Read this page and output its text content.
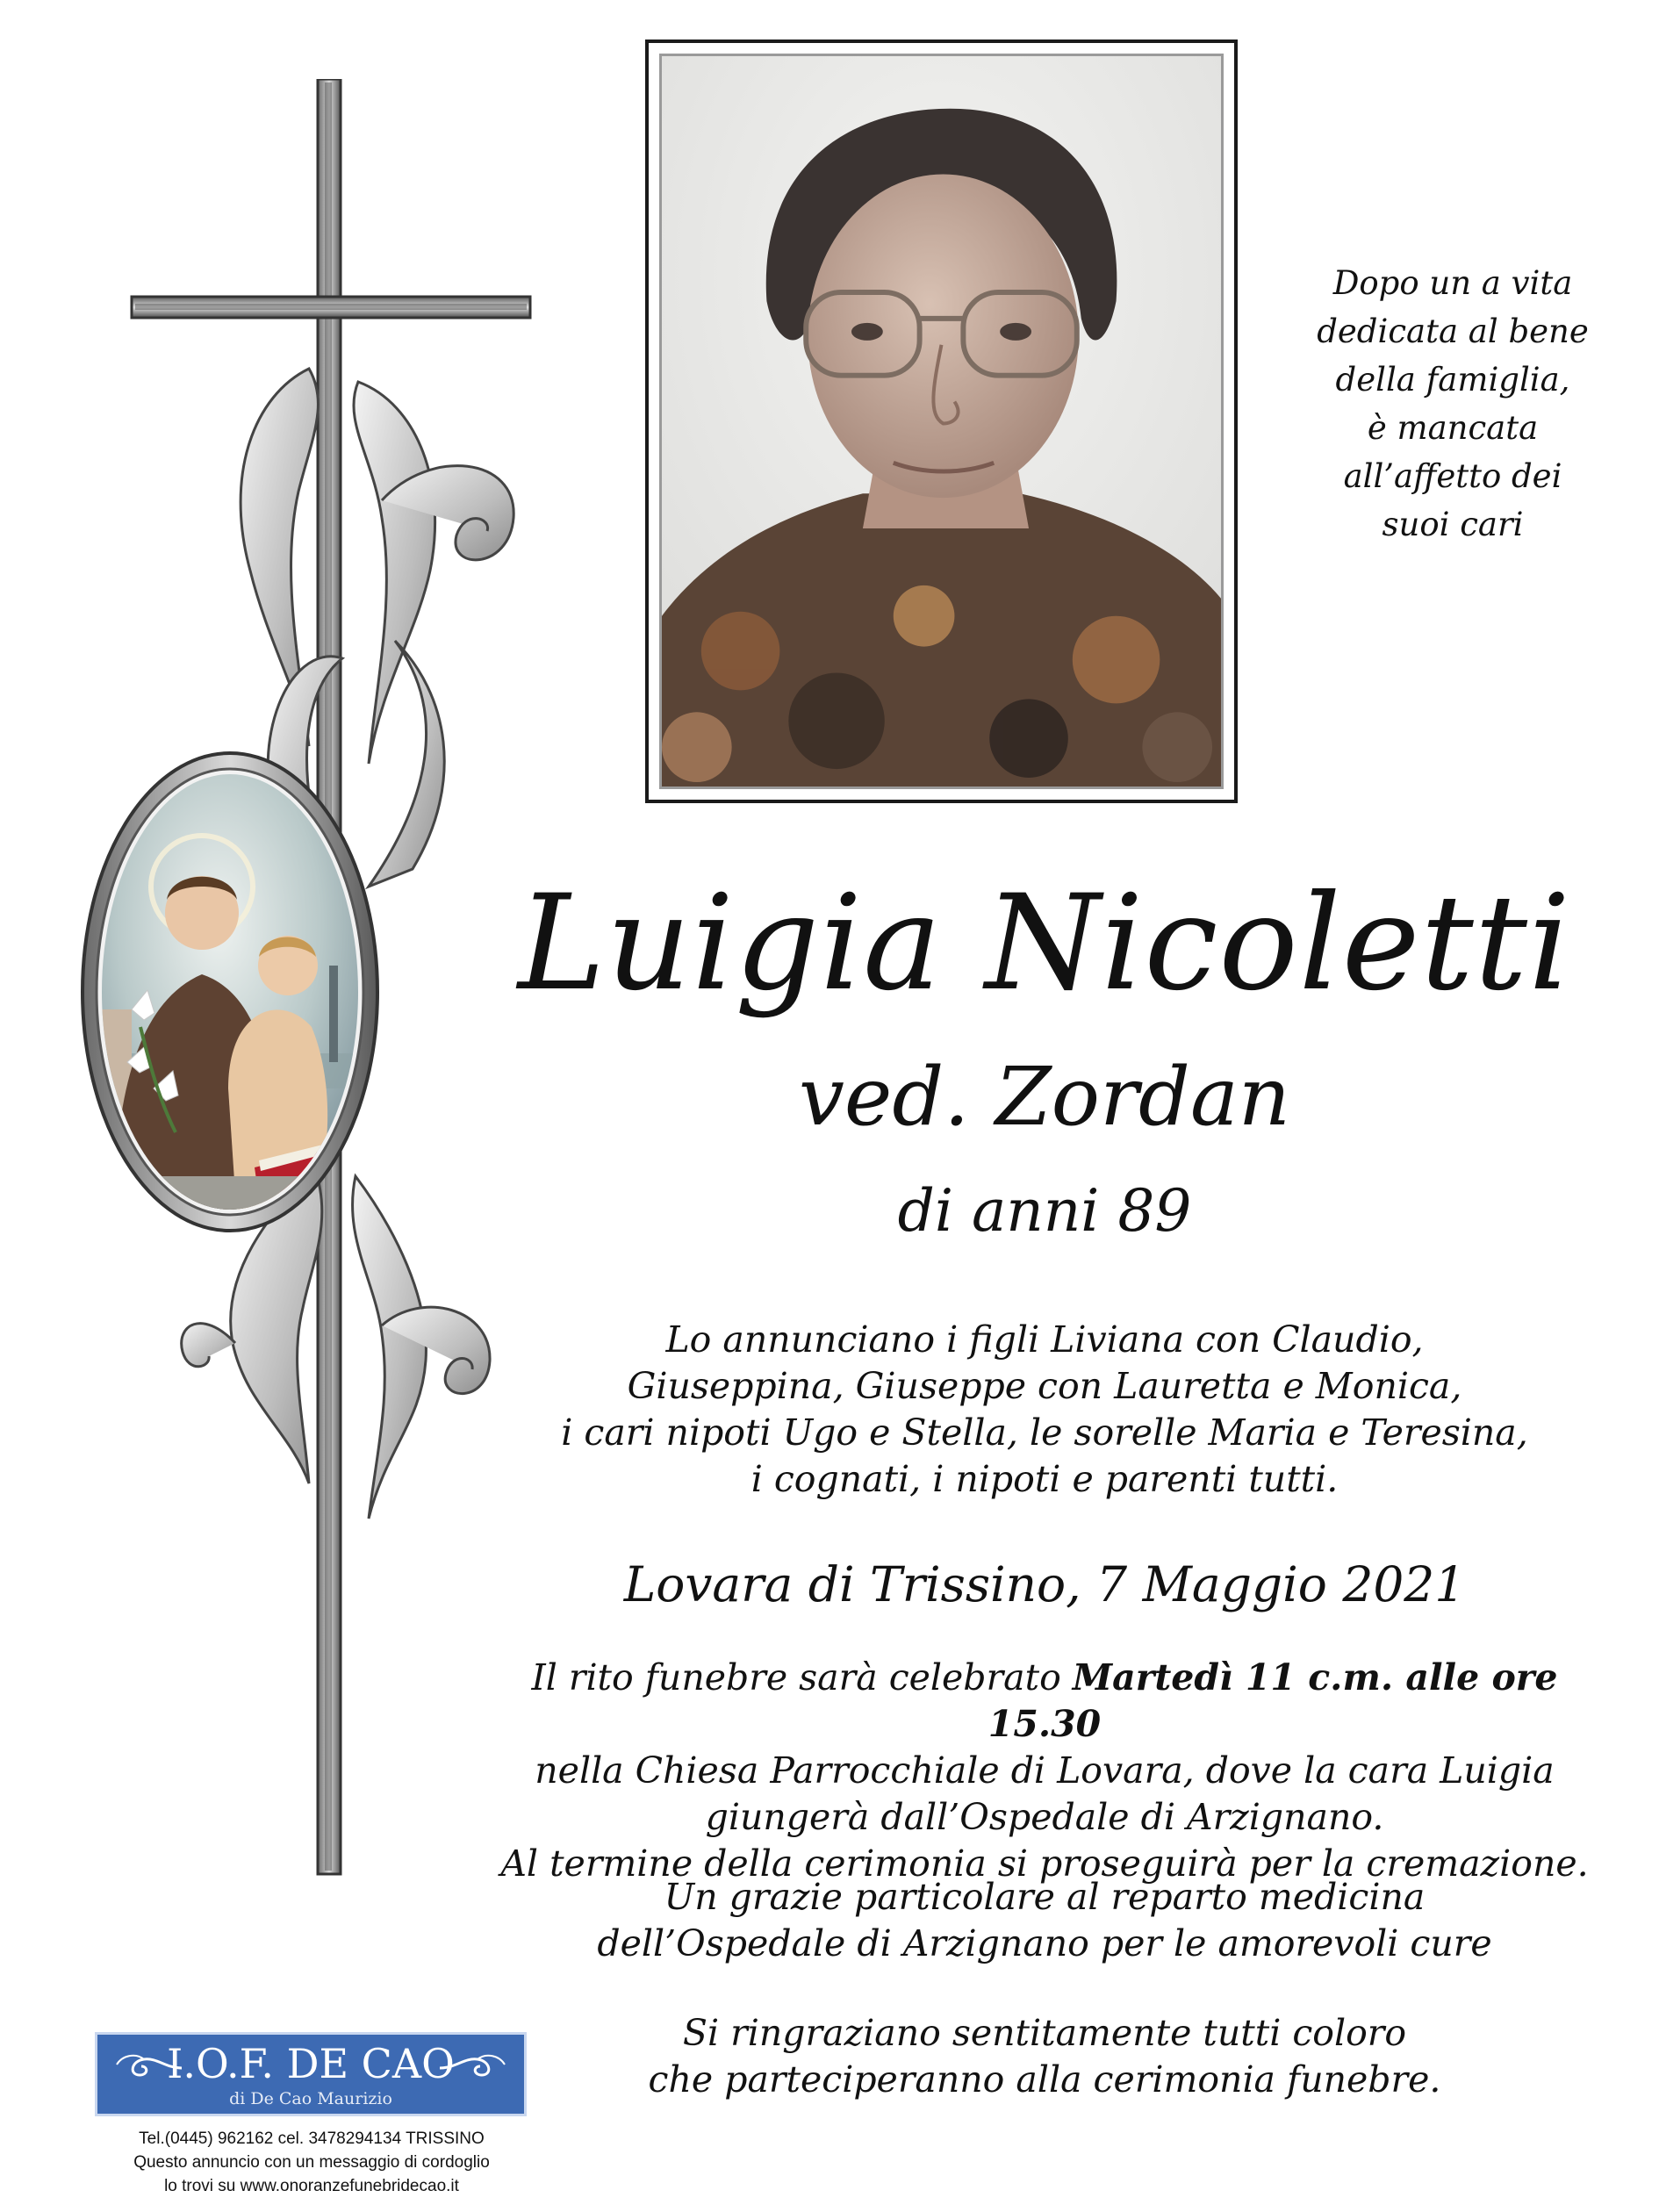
Dopo un a vita
dedicata al bene
della famiglia,
è mancata
all’affetto dei
suoi cari
Luigia Nicoletti
ved. Zordan
di anni 89
Lo annunciano i figli Liviana con Claudio,
Giuseppina, Giuseppe con Lauretta e Monica,
i cari nipoti Ugo e Stella, le sorelle Maria e Teresina,
i cognati, i nipoti e parenti tutti.
Lovara di Trissino, 7 Maggio 2021
Il rito funebre sarà celebrato Martedì 11 c.m. alle ore 15.30
nella Chiesa Parrocchiale di Lovara, dove la cara Luigia
giungerà dall’Ospedale di Arzignano.
Al termine della cerimonia si proseguirà per la cremazione.
Un grazie particolare al reparto medicina
dell’Ospedale di Arzignano per le amorevoli cure
Si ringraziano sentitamente tutti coloro
che parteciperanno alla cerimonia funebre.
I.O.F. DE CAO
di De Cao Maurizio
Tel.(0445) 962162 cel. 3478294134 TRISSINO
Questo annuncio con un messaggio di cordoglio
lo trovi su www.onoranzefunebridecao.it
